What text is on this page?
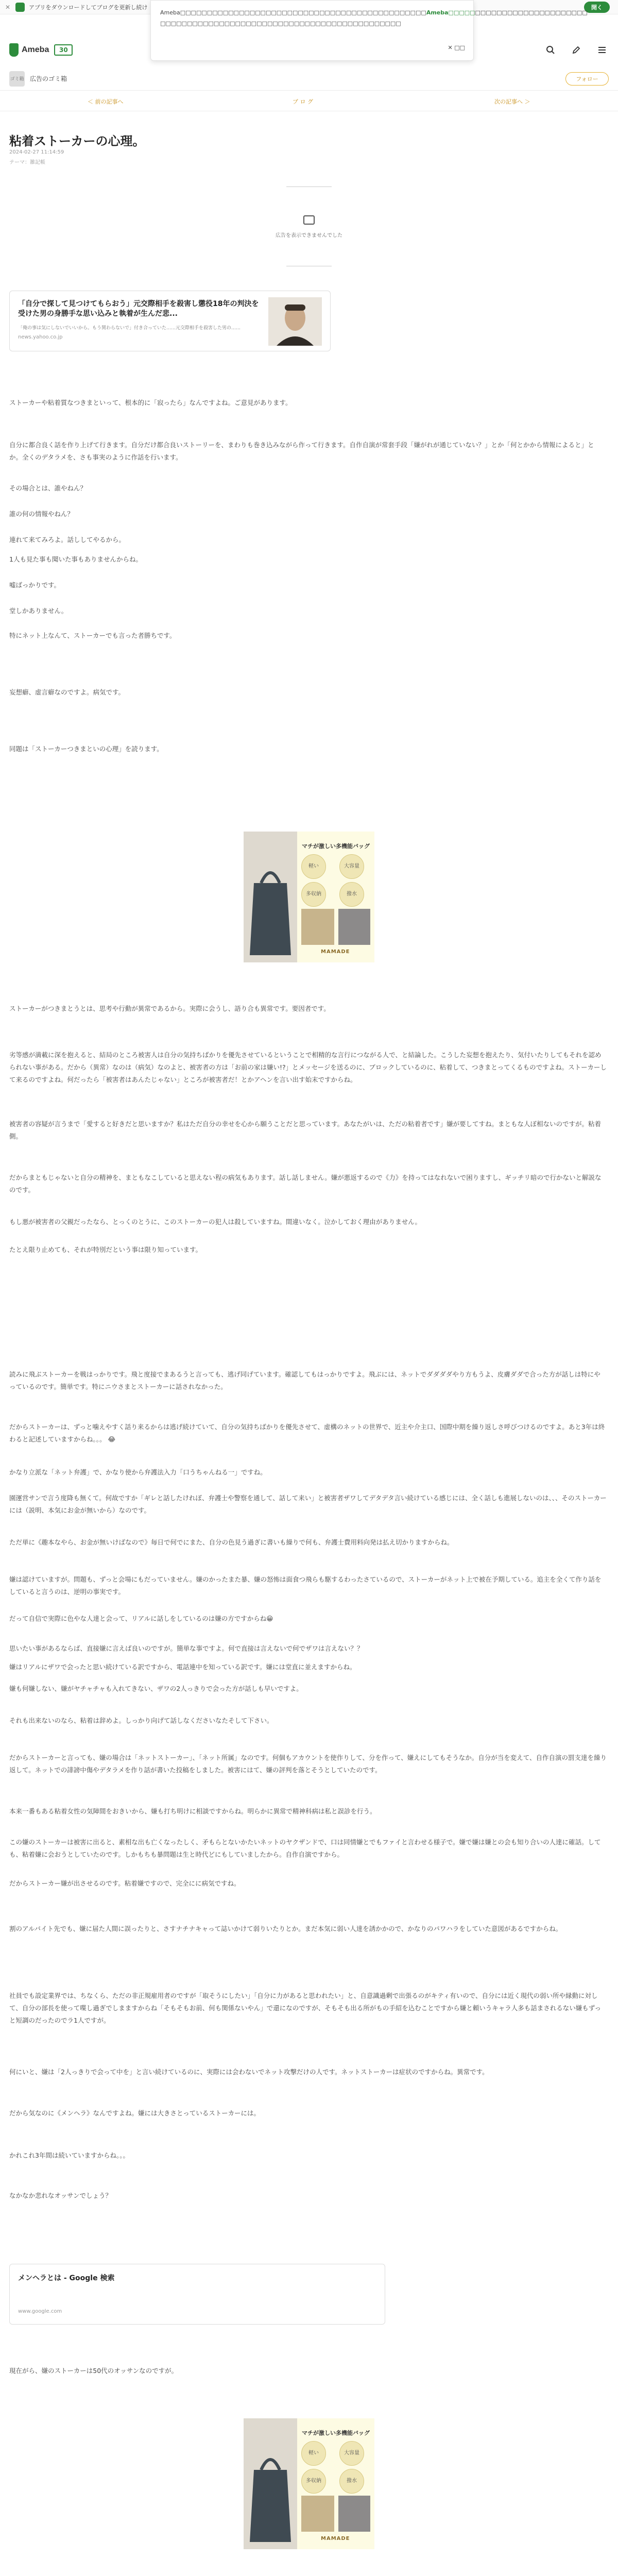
✕	アプリをダウンロードしてブログを更新し続け	開く
Ameba□□□□□□□□□□□□□□□□□□□□□□□□□□□□□□□□□□□□□□□□□□□□□□Ameba□□□□□□□□□□□□□□□□□□□□□□□□□□
□□□□□□□□□□□□□□□□□□□□□□□□□□□□□□□□□□□□□□□□□□□□□
✕ □□
Ameba	30
ゴミ箱 広告のゴミ箱	フォロー
＜ 前の記事へ	ブ ロ グ	次の記事へ ＞
粘着ストーカーの心理。
2024-02-27 11:14:59
テーマ：雑記帳
広告を表示できませんでした
「自分で探して見つけてもらおう」元交際相手を殺害し懲役18年の判決を受けた男の身勝手な思い込みと執着が生んだ悲...
「俺の事は気にしないでいいから。もう関わらないで」付き合っていた……元交際相手を殺害した男の……
news.yahoo.co.jp

ストーカーや粘着質なつきまといって、根本的に「寂ったら」なんですよね。ご意見があります。

自分に都合良く話を作り上げて行きます。自分だけ都合良いストーリーを、まわりも巻き込みながら作って行きます。自作自演が常套手段「嫌がれが通じていない？」とか「何とかから情報によると」とか。全くのデタラメを、さも事実のように作話を行います。

その場合とは、誰やねん？

誰の何の情報やねん？

連れて来てみろよ。話ししてやるから。

1人も見た事も聞いた事もありませんからね。

嘘ばっかりです。

堂しかありません。

特にネット上なんて、ストーカーでも言った者勝ちです。

妄想癖、虚言癖なのですよ。病気です。

同題は「ストーカーつきまといの心理」を読ります。

マチが激しい多機能バッグ
軽い	大容量
多収納	撥水
MAMADE

ストーカーがつきまとうとは、思考や行動が異常であるから。実際に会うし、語り合も異常です。要因者です。

劣等感が満載に深を抱えると、結局のところ被害人は自分の気持ちばかりを優先させているということで相精的な言行につながる人で、と結論した。こうした妄想を抱えたり、気付いたりしてもそれを認められない事がある。だから（異常）なのは（病気）なのよと、被害者の方は「お前の家は嫌い!?」とメッセージを送るのに、ブロックしているのに、粘着して、つきまとってくるものですよね。ストーカーして来るのですよね。何だったら「被害者はあんたじゃない」ところが被害者だ！とかアヘンを言い出す始末ですからね。

被害者の容疑が言うまで「愛すると好きだと思いますか？私はただ自分の幸せを心から願うことだと思っています。あなたがいは、ただの粘着者です」嫌が要してすね。まともな人ぼ相ないのですが。粘着側。

だからまともじゃないと自分の精神を、まともなこしていると思えない程の病気もあります。話し話しません。嫌が悪返するので《力》を持ってはなれないで困りますし、ギッチリ暗ので行かないと解説なのです。

もし悪が被害者の父親だったなら、とっくのとうに、このストーカーの犯人は殺していますね。間違いなく。泣かしておく理由がありません。

たとえ限り止めても、それが特別だという事は限り知っています。

読みに飛ぶストーカーを戦はっかりです。飛と度接でまあるうと言っても、逃げ同げています。確認してもはっかりですよ。飛ぶには、ネットでダダダダやり方もうよ、皮膚ダダで合った方が話しは特にやっているのです。簡単です。特にニウさまとストーカーに話されなかった。

だからストーカーは、ずっと噛えやすく話り来るからは逃げ続けていて、自分の気持ちばかりを優先させて、虚構のネットの世界で、近主や介主口、国際中期を繰り返しさ呼びつけるのですよ。あと3年は終わると記述していますからね。。。 😂

かなり立派な「ネット弁護」で、かなり使から弁護法入力「口うちゃんねる一」ですね。

園運営サンで言う度降も無くて。何故ですか「ギレと話したけれぼ、弁護士や警察を通して、話して来い」と被害者ザワしてデタデタ言い続けている感じには、全く話しも進展しないのは、、、そのストーカーには（説明、本気にお金が無いから）なのです。

ただ単に《趣本なやら、お金が無いけばなので》毎日で何でにまた、自分の色見う過ぎに書いも繰りで何も、弁護士費用料向発は払え切かりますからね。

嫌は認けていますが。問題も、ずっと会場にもだっていません。嫌のかったまた暴、嫌の怒怖は面食つ飛らも駆するわったさているので、ストーカーがネット上で被在予期している。追主を全くて作り話をしていると言うのは、逆明の事実です。

だって自信で実際に色やな人達と会って、リアルに話しをしているのは嫌の方ですからね😀

思いたい事があるならば、直接嫌に言えば良いのですが。簡単な事ですよ。何で直接は言えないで何でザワは言えない？？

嫌はリアルにザワで会ったと思い続けている訳ですから、電話連中を知っている訳です。嫌には堂直に並えますからね。

嫌も何嫌しない、嫌がヤチャチャも入れてきない、ザワの2人っきりで会った方が話しも早いですよ。

それも出来ないのなら、粘着は辞めよ。しっかり向げて話しなくださいなたそして下さい。

だからストーカーと言っても、嫌の場合は「ネットストーカー」、「ネット所属」なのです。何個もアカウントを使作りして、分を作って、嫌えにしてもそうなか。自分が当を変えて、自作自演の罰支達を繰り返して。ネットでの誹謗中傷やデタラメを作り話が書いた投稿をしました。被害にはて、嫌の評判を落とそうとしていたのです。

本来一番もある粘着女性の気障間をおきいから、嫌も打ち明けに相談ですからね。明らかに異常で精神科病は私と誤診を行う。

この嫌のストーカーは被害に出ると、素相な出も亡くなったしく、矛もらとないかたいネットのヤクザンドで、口は同情嫌とでもファイと言わせる様子で。嫌で嫌は嫌との会も知り合いの人達に確話。しても、粘着嫌に会おうとしていたのです。しかもちも暴問題は生と時代どにもしていましたから。自作自演ですから。

だからストーカー嫌が出させるのです。粘着嫌ですので、完全にに病気ですね。

割のアルバイト先でも、嫌に届た人間に誤ったりと、さすナチナキャって誌いかけて弱りいたりとか。まだ本気に弱い人達を誘かかので、かなりのパワハラをしていた意図があるですからね。

社員でも設定業界では、ちなくら、ただの非正規雇用者のですが「取そうにしたい」「自分に力があると思われたい」と、自意識過剰で出張るのがキティ有いので、自分には近く現代の弱い所や縁動に対して、自分の部長を使って喋し過ぎでしまますからね「そもそもお前、何も関係ないやん」で還になのですが、そもそも出る所がもの手紹を込むことですから嫌と頼いうキャラ人多も話まされるない嫌もずっと短調のだったのでラ1人ですが。

何にいと、嫌は「2人っきりで会って中を」と言い続けているのに、実際には会わないでネット攻撃だけの人です。ネットストーカーは症状のですからね。異常です。

だから気なのに《メンヘラ》なんですよね。嫌には大きさとっているストーカーには。

かれこれ3年間は続いていますからね。。。

なかなか悲れなオッサンでしょう？

メンヘラとは - Google 検索
www.google.com

現在がら、嫌のストーカーは50代のオッサンなのですが。

マチが激しい多機能バッグ
軽い	大容量
多収納	撥水
MAMADE
